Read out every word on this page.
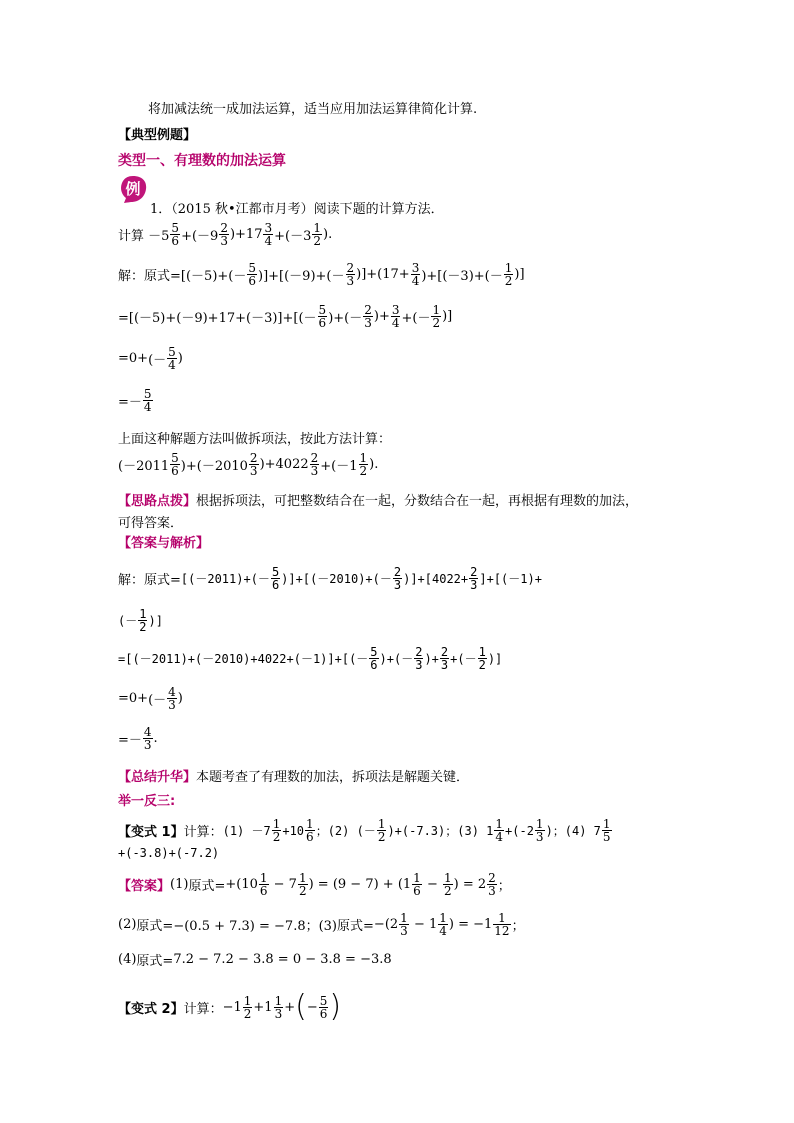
将加减法统一成加法运算，适当应用加法运算律简化计算.
【典型例题】
类型一、有理数的加法运算
例
1．（2015 秋•江都市月考）阅读下题的计算方法．
计算 $-5 \frac{5}{6} +(-9 \frac{2}{3} )+17 \frac{3}{4} +(-3 \frac{1}{2}$ ).
解：原式= $[(-5)+(- \frac{5}{6} )]+[(-9)+(- \frac{2}{3} )]+(17+ \frac{3}{4} )+[(-3)+(- \frac{1}{2}$ )]
$=[(-5)+(-9)+17+(-3)]+[(- \frac{5}{6}$ )+(－ $\frac{2}{3}$ )+ $\frac{3}{4}$ +(－ $\frac{1}{2}$ )]
=0+ (－ $\frac{5}{4}$ )
=－ $\frac{5}{4}$
上面这种解题方法叫做拆项法，按此方法计算：
$(-2011 \frac{5}{6} )+(-2010 \frac{2}{3} )+4022 \frac{2}{3} +(-1 \frac{1}{2}$ ).
【思路点拨】 根据拆项法，可把整数结合在一起，分数结合在一起，再根据有理数的加法，
可得答案．
【答案与解析】
解：原式= $[(-2011)+(- \frac{5}{6} )]+[(-2010)+(- \frac{2}{3} )]+[4022+ \frac{2}{3} ]+[(-1)+$
(－ $\frac{1}{2}$ )]
$=[(-2011)+(-2010)+4022+(-1)]+[(- \frac{5}{6}$ )+(－ $\frac{2}{3}$ )+ $\frac{2}{3}$ +(－ $\frac{1}{2}$ )]
=0+ (－ $\frac{4}{3}$ )
=－ $\frac{4}{3}$ .
【总结升华】 本题考查了有理数的加法，拆项法是解题关键．
举一反三:
【变式 1】 计算： $(1) -7 \frac{1}{2} +10 \frac{1}{6}$ ；(2) (－ $\frac{1}{2} )+(-7.3)$；(3) $1 \frac{1}{4} +(-2 \frac{1}{3}$ )；(4) $7 \frac{1}{5}$
+(-3.8)+(-7.2)
【答案】 (1) 原式= $+(10 \frac{1}{6} - 7 \frac{1}{2}$ ) = $(9 - 7) + (1 \frac{1}{6} - \frac{1}{2}$ ) = $2 \frac{2}{3}$ ；
(2) 原式= −(0.5 + 7.3) = −7.8；(3) 原式= $-(2 \frac{1}{3} - 1 \frac{1}{4}$ ) = $-1 \frac{1}{12}$ ；
(4) 原式= 7.2 − 7.2 − 3.8 = 0 − 3.8 = −3.8
【变式 2】 计算： $-1 \frac{1}{2} +1 \frac{1}{3}$ + ( − $\frac{5}{6}$ )
